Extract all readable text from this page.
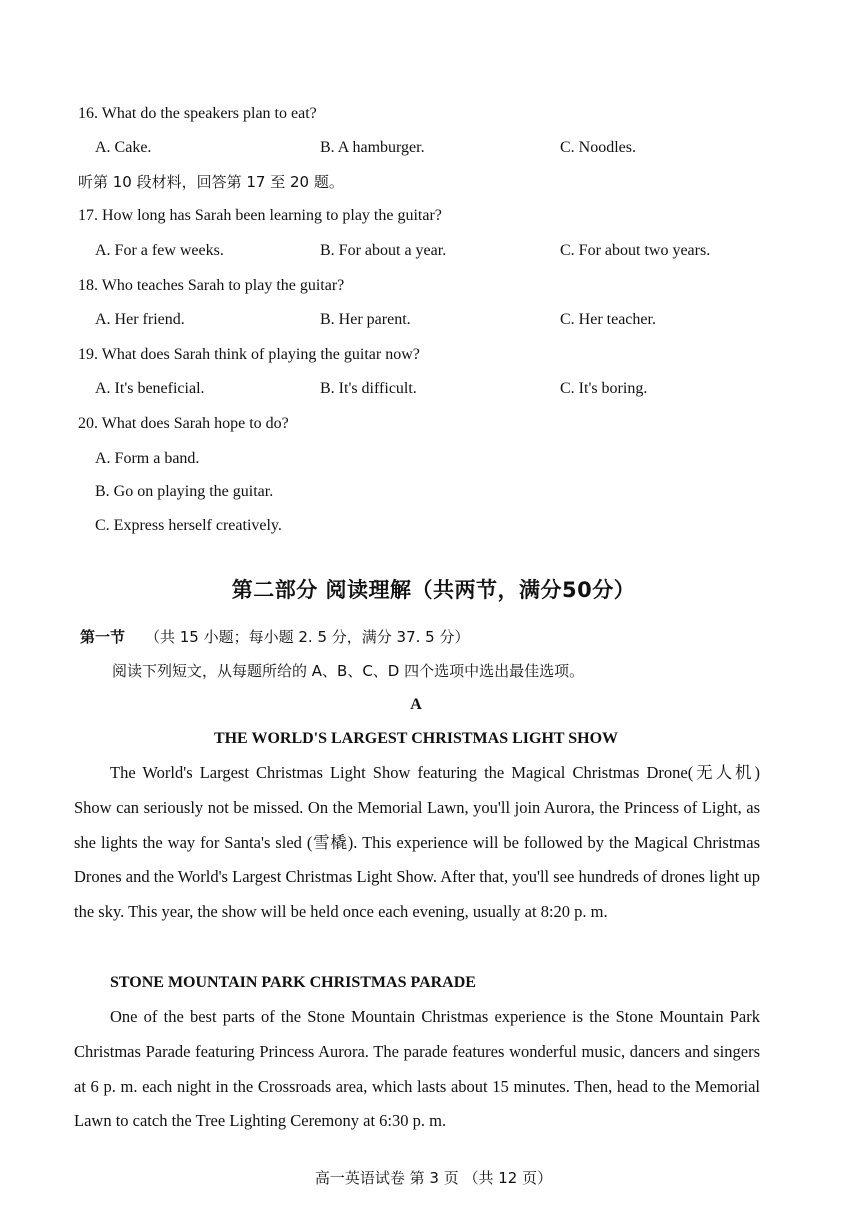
16. What do the speakers plan to eat?
A. Cake.	B. A hamburger.	C. Noodles.
听第 10 段材料，回答第 17 至 20 题。
17. How long has Sarah been learning to play the guitar?
A. For a few weeks.	B. For about a year.	C. For about two years.
18. Who teaches Sarah to play the guitar?
A. Her friend.	B. Her parent.	C. Her teacher.
19. What does Sarah think of playing the guitar now?
A. It's beneficial.	B. It's difficult.	C. It's boring.
20. What does Sarah hope to do?
A. Form a band.
B. Go on playing the guitar.
C. Express herself creatively.
第二部分 阅读理解（共两节，满分50分）
第一节 （共 15 小题；每小题 2. 5 分，满分 37. 5 分）
阅读下列短文，从每题所给的 A、B、C、D 四个选项中选出最佳选项。
A
THE WORLD'S LARGEST CHRISTMAS LIGHT SHOW
The World's Largest Christmas Light Show featuring the Magical Christmas Drone(无人机) Show can seriously not be missed. On the Memorial Lawn, you'll join Aurora, the Princess of Light, as she lights the way for Santa's sled (雪橇). This experience will be followed by the Magical Christmas Drones and the World's Largest Christmas Light Show. After that, you'll see hundreds of drones light up the sky. This year, the show will be held once each evening, usually at 8:20 p. m.
STONE MOUNTAIN PARK CHRISTMAS PARADE
One of the best parts of the Stone Mountain Christmas experience is the Stone Mountain Park Christmas Parade featuring Princess Aurora. The parade features wonderful music, dancers and singers at 6 p. m. each night in the Crossroads area, which lasts about 15 minutes. Then, head to the Memorial Lawn to catch the Tree Lighting Ceremony at 6:30 p. m.
高一英语试卷 第 3 页 （共 12 页）
